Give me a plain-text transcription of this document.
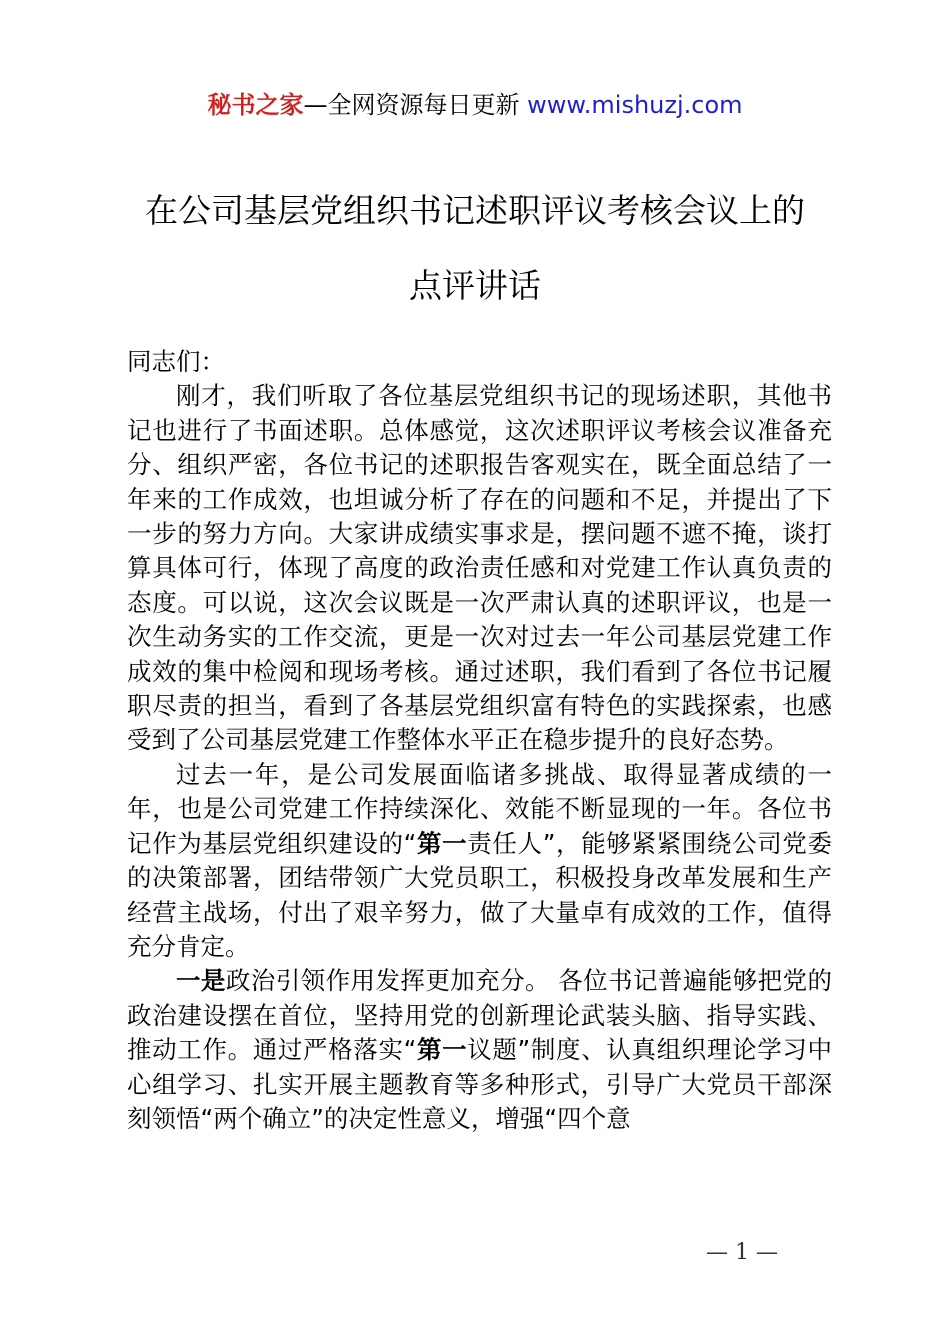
秘书之家—全网资源每日更新 www.mishuzj.com
在公司基层党组织书记述职评议考核会议上的
点评讲话

同志们：

刚才，我们听取了各位基层党组织书记的现场述职，其他书记也进行了书面述职。总体感觉，这次述职评议考核会议准备充分、组织严密，各位书记的述职报告客观实在，既全面总结了一年来的工作成效，也坦诚分析了存在的问题和不足，并提出了下一步的努力方向。大家讲成绩实事求是，摆问题不遮不掩，谈打算具体可行，体现了高度的政治责任感和对党建工作认真负责的态度。可以说，这次会议既是一次严肃认真的述职评议，也是一次生动务实的工作交流，更是一次对过去一年公司基层党建工作成效的集中检阅和现场考核。通过述职，我们看到了各位书记履职尽责的担当，看到了各基层党组织富有特色的实践探索，也感受到了公司基层党建工作整体水平正在稳步提升的良好态势。

过去一年，是公司发展面临诸多挑战、取得显著成绩的一年，也是公司党建工作持续深化、效能不断显现的一年。各位书记作为基层党组织建设的“第一责任人”，能够紧紧围绕公司党委的决策部署，团结带领广大党员职工，积极投身改革发展和生产经营主战场，付出了艰辛努力，做了大量卓有成效的工作，值得充分肯定。

一是政治引领作用发挥更加充分。 各位书记普遍能够把党的政治建设摆在首位，坚持用党的创新理论武装头脑、指导实践、推动工作。通过严格落实“第一议题”制度、认真组织理论学习中心组学习、扎实开展主题教育等多种形式，引导广大党员干部深刻领悟“两个确立”的决定性意义，增强“四个意

— 1 —
